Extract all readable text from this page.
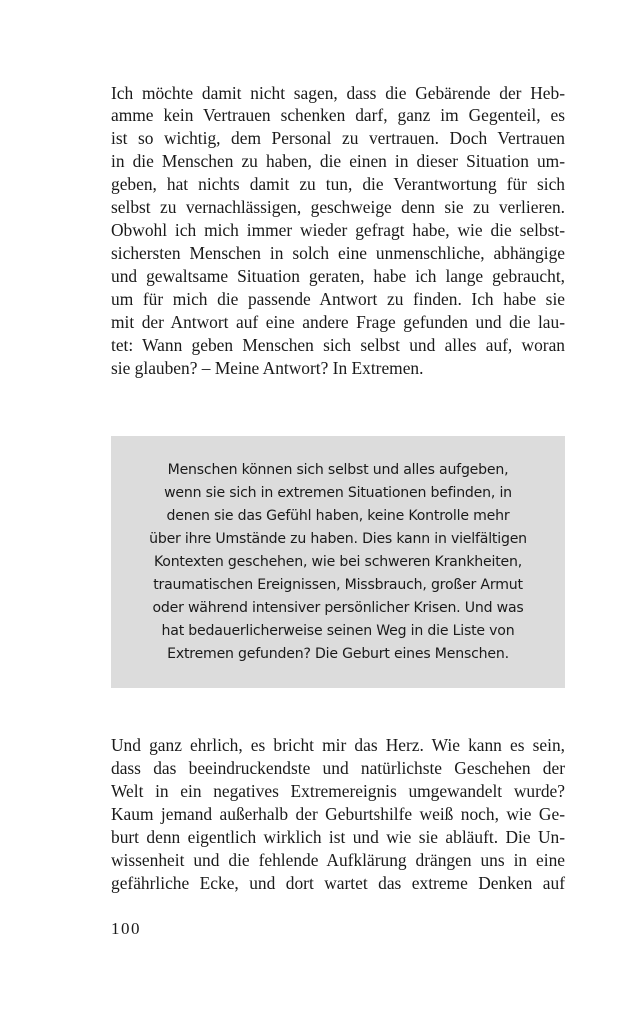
Ich möchte damit nicht sagen, dass die Gebärende der Heb-
amme kein Vertrauen schenken darf, ganz im Gegenteil, es
ist so wichtig, dem Personal zu vertrauen. Doch Vertrauen
in die Menschen zu haben, die einen in dieser Situation um-
geben, hat nichts damit zu tun, die Verantwortung für sich
selbst zu vernachlässigen, geschweige denn sie zu verlieren.
Obwohl ich mich immer wieder gefragt habe, wie die selbst-
sichersten Menschen in solch eine unmenschliche, abhängige
und gewaltsame Situation geraten, habe ich lange gebraucht,
um für mich die passende Antwort zu finden. Ich habe sie
mit der Antwort auf eine andere Frage gefunden und die lau-
tet: Wann geben Menschen sich selbst und alles auf, woran
sie glauben? – Meine Antwort? In Extremen.
Menschen können sich selbst und alles aufgeben,
wenn sie sich in extremen Situationen befinden, in
denen sie das Gefühl haben, keine Kontrolle mehr
über ihre Umstände zu haben. Dies kann in vielfältigen
Kontexten geschehen, wie bei schweren Krankheiten,
traumatischen Ereignissen, Missbrauch, großer Armut
oder während intensiver persönlicher Krisen. Und was
hat bedauerlicherweise seinen Weg in die Liste von
Extremen gefunden? Die Geburt eines Menschen.
Und ganz ehrlich, es bricht mir das Herz. Wie kann es sein,
dass das beeindruckendste und natürlichste Geschehen der
Welt in ein negatives Extremereignis umgewandelt wurde?
Kaum jemand außerhalb der Geburtshilfe weiß noch, wie Ge-
burt denn eigentlich wirklich ist und wie sie abläuft. Die Un-
wissenheit und die fehlende Aufklärung drängen uns in eine
gefährliche Ecke, und dort wartet das extreme Denken auf
100
